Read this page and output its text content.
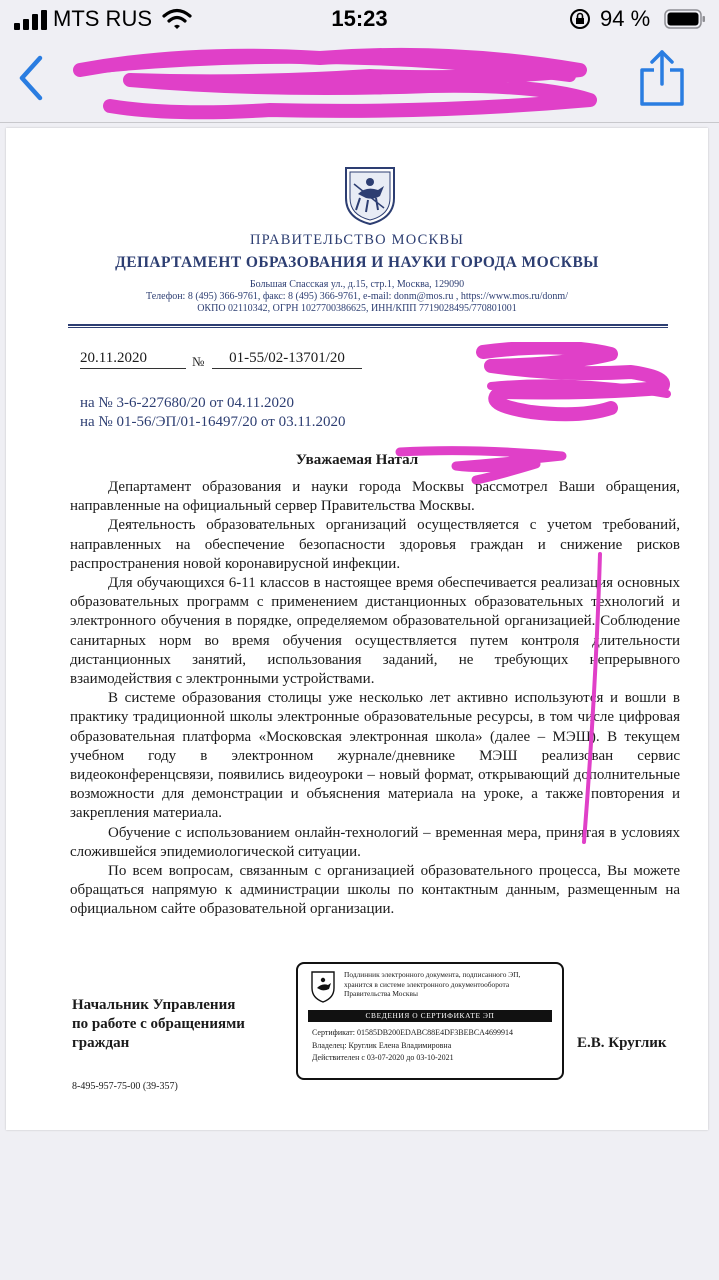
MTS RUS	15:23	94 %
ПРАВИТЕЛЬСТВО МОСКВЫ
ДЕПАРТАМЕНТ ОБРАЗОВАНИЯ И НАУКИ ГОРОДА МОСКВЫ
Большая Спасская ул., д.15, стр.1, Москва, 129090
Телефон: 8 (495) 366-9761, факс: 8 (495) 366-9761, e-mail: donm@mos.ru , https://www.mos.ru/donm/
ОКПО 02110342, ОГРН 1027700386625, ИНН/КПП 7719028495/770801001
20.11.2020	№	01-55/02-13701/20
на № 3-6-227680/20 от 04.11.2020
на № 01-56/ЭП/01-16497/20 от 03.11.2020
Уважаемая Натал

Департамент образования и науки города Москвы рассмотрел Ваши обращения, направленные на официальный сервер Правительства Москвы.

Деятельность образовательных организаций осуществляется с учетом требований, направленных на обеспечение безопасности здоровья граждан и снижение рисков распространения новой коронавирусной инфекции.

Для обучающихся 6-11 классов в настоящее время обеспечивается реализация основных образовательных программ с применением дистанционных образовательных технологий и электронного обучения в порядке, определяемом образовательной организацией. Соблюдение санитарных норм во время обучения осуществляется путем контроля длительности дистанционных занятий, использования заданий, не требующих непрерывного взаимодействия с электронными устройствами.

В системе образования столицы уже несколько лет активно используются и вошли в практику традиционной школы электронные образовательные ресурсы, в том числе цифровая образовательная платформа «Московская электронная школа» (далее – МЭШ). В текущем учебном году в электронном журнале/дневнике МЭШ реализован сервис видеоконференцсвязи, появились видеоуроки – новый формат, открывающий дополнительные возможности для демонстрации и объяснения материала на уроке, а также повторения и закрепления материала.

Обучение с использованием онлайн-технологий – временная мера, принятая в условиях сложившейся эпидемиологической ситуации.

По всем вопросам, связанным с организацией образовательного процесса, Вы можете обращаться напрямую к администрации школы по контактным данным, размещенным на официальном сайте образовательной организации.

Начальник Управления
по работе с обращениями
граждан
Подлинник электронного документа, подписанного ЭП,
хранится в системе электронного документооборота
Правительства Москвы
СВЕДЕНИЯ О СЕРТИФИКАТЕ ЭП
Сертификат: 01585DB200EDABC88E4DF3BEBCA4699914
Владелец: Круглик Елена Владимировна
Действителен с 03-07-2020 до 03-10-2021
Е.В. Круглик
8-495-957-75-00 (39-357)
